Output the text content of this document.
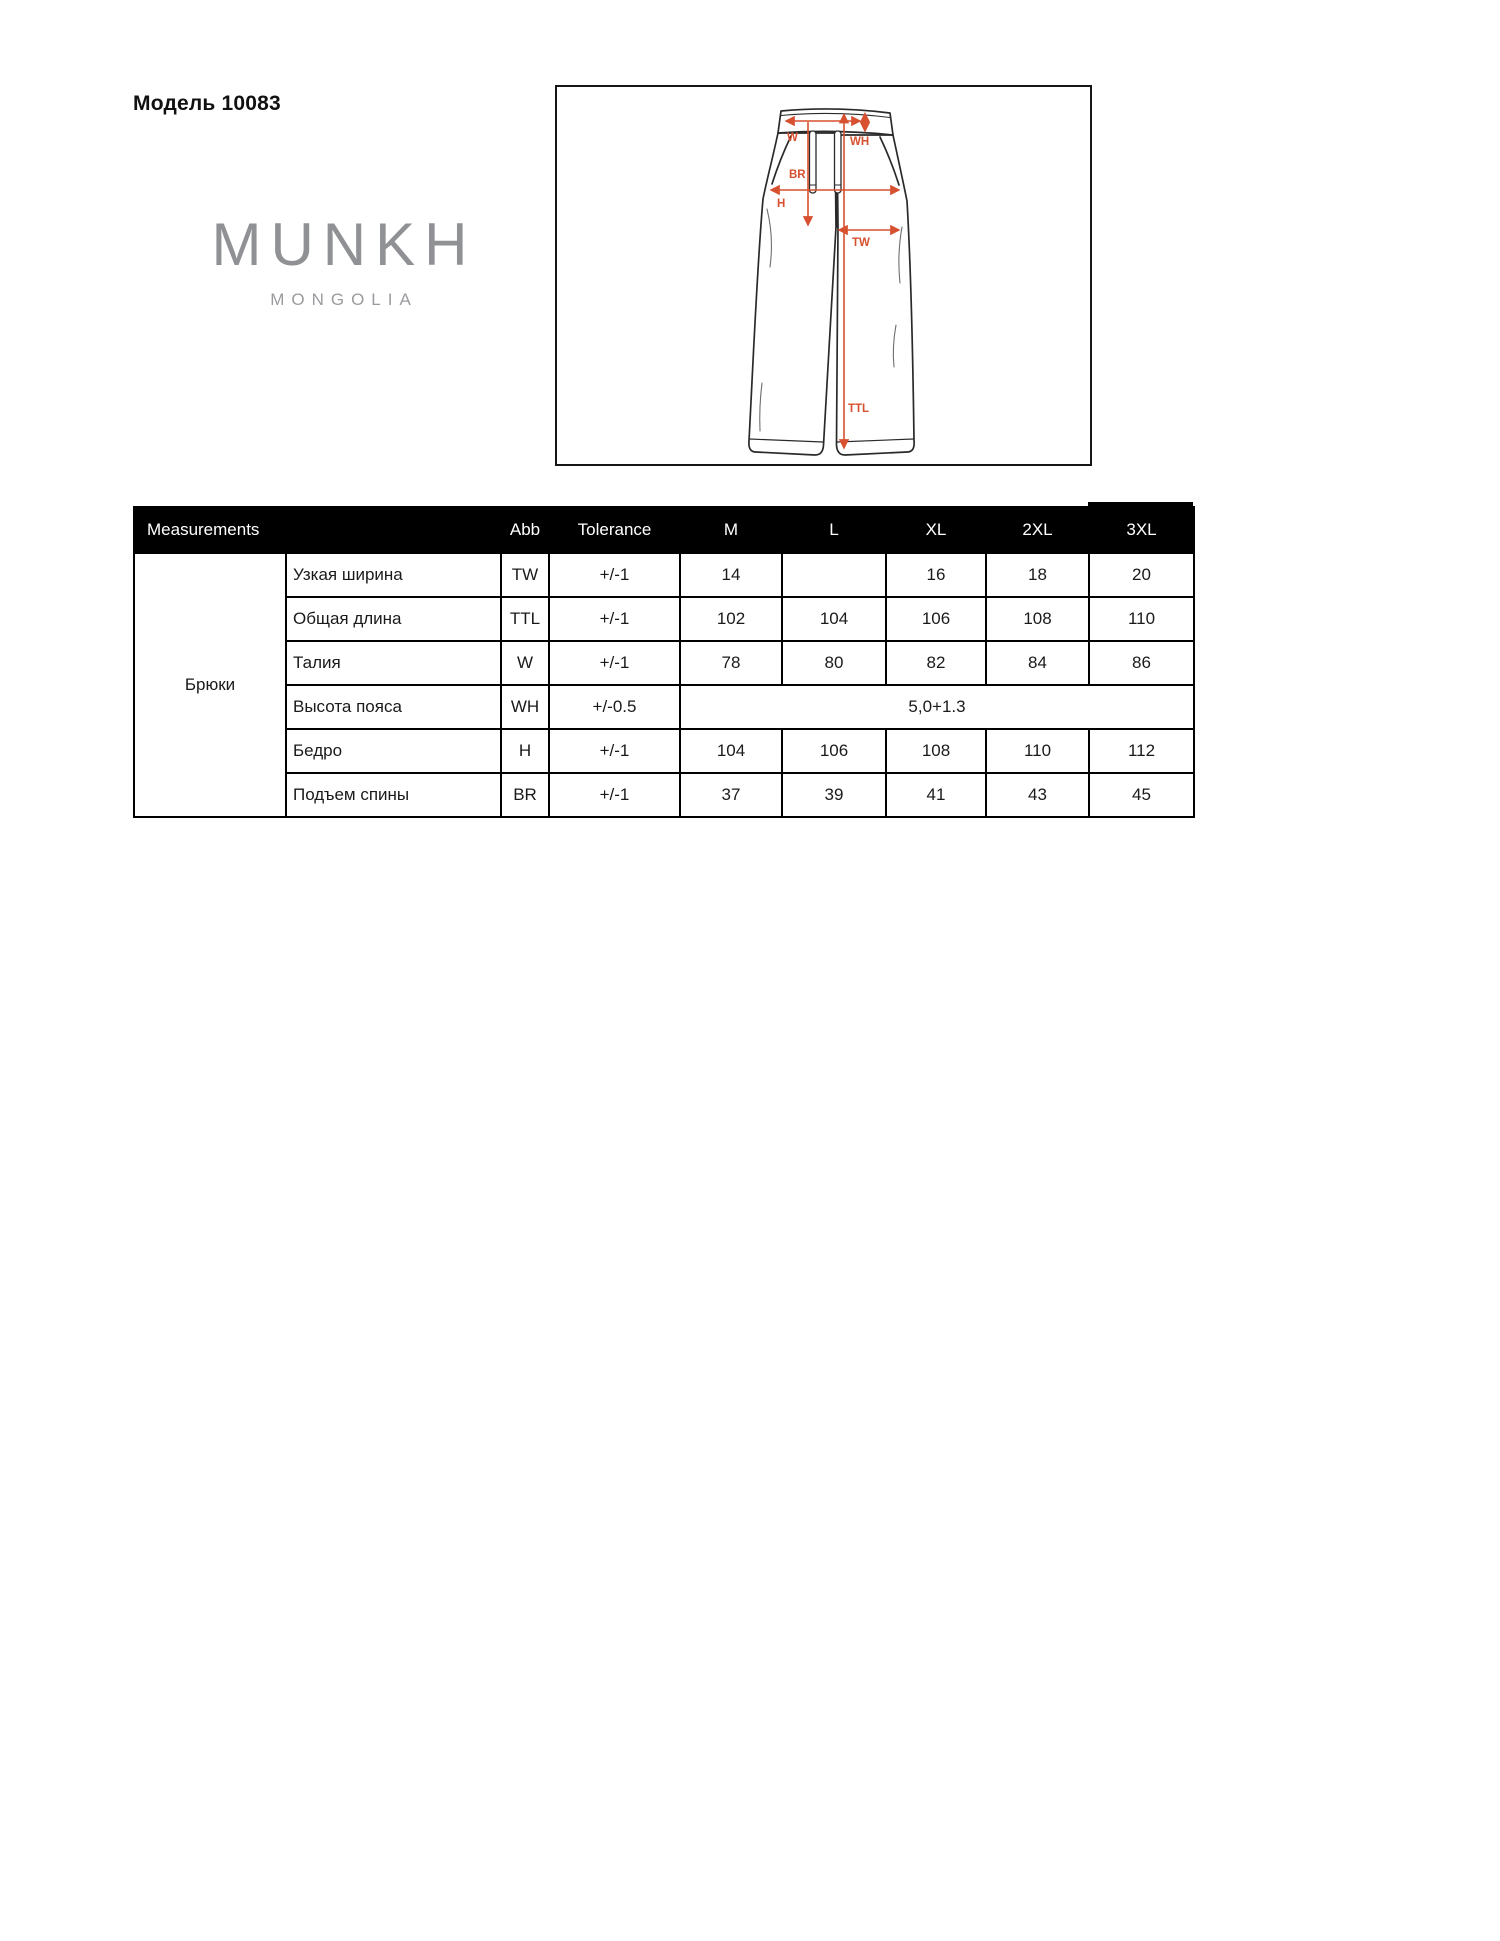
Модель 10083
MUNKH
MONGOLIA
W	WH
BR
H
TW
TTL
Measurements		Abb	Tolerance	M	L	XL	2XL	3XL
Брюки	Узкая ширина	TW	+/-1	14		16	18	20
	Общая длина	TTL	+/-1	102	104	106	108	110
	Талия	W	+/-1	78	80	82	84	86
	Высота пояса	WH	+/-0.5	5,0+1.3				
	Бедро	H	+/-1	104	106	108	110	112
	Подъем спины	BR	+/-1	37	39	41	43	45
